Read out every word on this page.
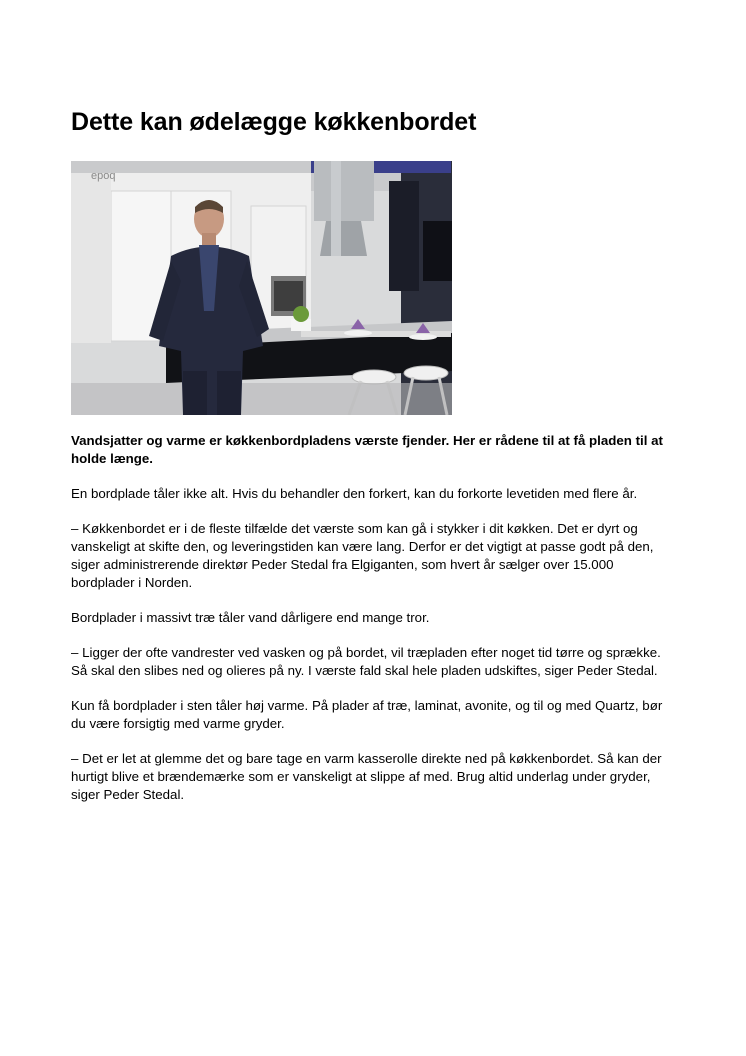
Dette kan ødelægge køkkenbordet
epoq

Vandsjatter og varme er køkkenbordpladens værste fjender. Her er rådene til at få pladen til at holde længe.

En bordplade tåler ikke alt. Hvis du behandler den forkert, kan du forkorte levetiden med flere år.

– Køkkenbordet er i de fleste tilfælde det værste som kan gå i stykker i dit køkken. Det er dyrt og vanskeligt at skifte den, og leveringstiden kan være lang. Derfor er det vigtigt at passe godt på den, siger administrerende direktør Peder Stedal fra Elgiganten, som hvert år sælger over 15.000 bordplader i Norden.

Bordplader i massivt træ tåler vand dårligere end mange tror.

– Ligger der ofte vandrester ved vasken og på bordet, vil træpladen efter noget tid tørre og sprække. Så skal den slibes ned og olieres på ny. I værste fald skal hele pladen udskiftes, siger Peder Stedal.

Kun få bordplader i sten tåler høj varme. På plader af træ, laminat, avonite, og til og med Quartz, bør du være forsigtig med varme gryder.

– Det er let at glemme det og bare tage en varm kasserolle direkte ned på køkkenbordet. Så kan der hurtigt blive et brændemærke som er vanskeligt at slippe af med. Brug altid underlag under gryder, siger Peder Stedal.
